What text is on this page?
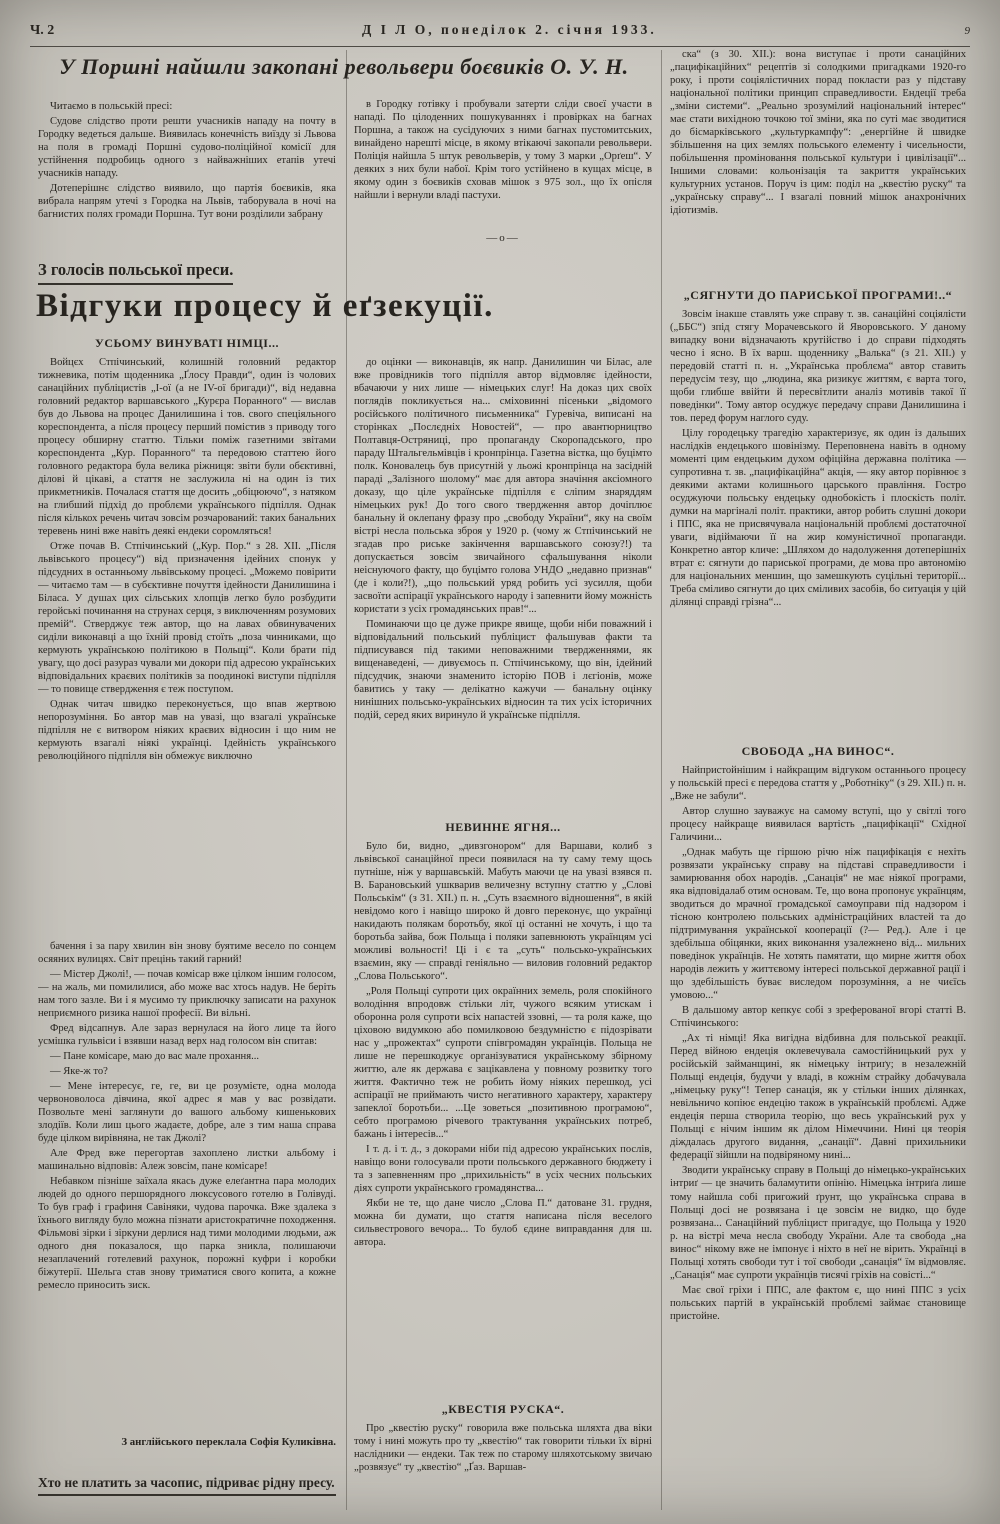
Ч. 2	Д І Л О, понеділок 2. січня 1933.	9
У Поршні найшли закопані револьвери боєвиків О. У. Н.

Читаємо в польській пресі:

Судове слідство проти решти учасників нападу на почту в Городку ведеться дальше. Виявилась конечність виїзду зі Львова на поля в громаді Поршні судово-поліційної комісії для устійнення подробиць одного з найважніших етапів утечі учасників нападу.

Дотеперішнє слідство виявило, що партія боєвиків, яка вибрала напрям утечі з Городка на Львів, таборувала в ночі на багнистих полях громади Поршна. Тут вони розділили забрану

в Городку готівку і пробували затерти сліди своєї участи в нападі. По цілоденних пошукуваннях і провірках на багнах Поршна, а також на сусідуючих з ними багнах пустомитських, винайдено нарешті місце, в якому втікаючі закопали револьвери. Поліція найшла 5 штук револьверів, у тому 3 марки „Орґеш“. У деяких з них були набої. Крім того устійнено в кущах місце, в якому один з боєвиків сховав мішок з 975 зол., що їх опісля найшли і вернули владі пастухи.

—о—
З голосів польської преси.
Відгуки процесу й еґзекуції.
УСЬОМУ ВИНУВАТІ НІМЦІ...

Войцєх Стпічинський, колишній головний редактор тижневика, потім щоденника „Ґлосу Правди“, один із чолових санаційних публіцистів „І-ої (а не IV-ої бригади)“, від недавна головний редактор варшавського „Курєра Поранного“ — вислав був до Львова на процес Данилишина і тов. свого спеціяльного кореспондента, а після процесу перший помістив з приводу того процесу обширну статтю. Тільки поміж газетними звітами кореспондента „Кур. Поранного“ та передовою статтею його головного редактора була велика ріжниця: звіти були обєктивні, ділові й цікаві, а стаття не заслужила ні на один із тих прикметників. Почалася стаття ще досить „обіцюючо“, з натяком на глибший підхід до проблєми українського підпілля. Однак після кількох речень читач зовсім розчарований: таких банальних теревень нині вже навіть деякі ендеки соромляться!

Отже почав В. Стпічинський („Кур. Пор.“ з 28. XII. „Після львівського процесу“) від призначення ідейних спонук у підсудних в останньому львівському процесі. „Можемо повірити — читаємо там — в субєктивне почуття ідейности Данилишина і Біласа. У душах цих сільських хлопців легко було розбудити геройські починання на струнах серця, з виключенням розумових премій“. Стверджує теж автор, що на лавах обвинувачених сиділи виконавці а що їхній провід стоїть „поза чинниками, що кермують українською політикою в Польщі“. Коли брати під увагу, що досі разураз чували ми докори під адресою українських відповідальних краєвих політиків за поодинокі виступи підпілля — то повище ствердження є теж поступом.

Однак читач швидко переконується, що впав жертвою непорозуміння. Бо автор мав на увазі, що взагалі українське підпілля не є витвором ніяких краєвих відносин і що ним не кермують взагалі ніякі українці. Ідейність українського революційного підпілля він обмежує виключно

бачення і за пару хвилин він знову буятиме весело по сонцем осяяних вулицях. Світ прецінь такий гарний!

— Містер Джолі!, — почав комісар вже цілком іншим голосом, — на жаль, ми помилилися, або може вас хтось надув. Не беріть нам того зазле. Ви і я мусимо ту приключку записати на рахунок неприємного ризика нашої професії. Ви вільні.

Фред відсапнув. Але зараз вернулася на його лице та його усмішка гульвіси і взявши назад верх над голосом він спитав:

— Пане комісаре, маю до вас мале прохання...

— Яке-ж то?

— Мене інтересує, ге, ге, ви це розумієте, одна молода червоноволоса дівчина, якої адрес я мав у вас розвідати. Позвольте мені заглянути до вашого альбому кишенькових злодіїв. Коли лиш цього жадаєте, добре, але з тим наша справа буде цілком вирівняна, не так Джолі?

Але Фред вже перегортав захоплено листки альбому і машинально відповів: Алеж зовсім, пане комісаре!

Небавком пізніше заїхала якась дуже елеґантна пара молодих людей до одного першорядного люксусового готелю в Голівуді. То був граф і графиня Савіняки, чудова парочка. Вже здалека з їхнього вигляду було можна пізнати аристократичне походження. Фільмові зірки і зіркуни дерлися над тими молодими людьми, аж одного дня показалося, що парка зникла, полишаючи незаплачений готелевий рахунок, порожні куфри і коробки біжутерії. Шельга став знову триматися свого копита, а кожне ремесло приносить зиск.

З англійського переклала Софія Куликівна.
Хто не платить за часопис, підриває рідну пресу.

до оцінки — виконавців, як напр. Данилишин чи Білас, але вже провідників того підпілля автор відмовляє ідейности, вбачаючи у них лише — німецьких слуг! На доказ цих своїх поглядів покликується на... сміховинні пісеньки „відомого російського політичного письменника“ Гуревіча, виписані на сторінках „Послєдніх Новостей“, — про авантюрництво Полтавця-Остряниці, про пропаганду Скоропадського, про параду Штальгельмівців і кронпрінца. Газетна вістка, що буцімто полк. Коновалець був присутній у льожі кронпрінца на засідній параді „Залізного шолому“ має для автора значіння аксіомного доказу, що ціле українське підпілля є сліпим знаряддям німецьких рук! До того свого твердження автор дочіплює банальну й оклепану фразу про „свободу України“, яку на своїм вістрі несла польська зброя у 1920 р. (чому ж Стпічинський не згадав про риське закінчення варшавського союзу?!) та допускається зовсім звичайного сфальшування ніколи неіснуючого факту, що буцімто голова УНДО „недавно признав“ (де і коли?!), „що польський уряд робить усі зусилля, щоби засвоїти аспірації українського народу і запевнити йому можність користати з усіх громадянських прав!“...

Поминаючи що це дуже прикре явище, щоби ніби поважний і відповідальний польський публіцист фальшував факти та підписувався під такими неповажними твердженнями, як вищенаведені, — дивуємось п. Стпічинському, що він, ідейний підсудчик, знаючи знаменито історію ПОВ і лєгіонів, може бавитись у таку — делікатно кажучи — банальну оцінку нинішних польсько-українських відносин та тих усіх історичних подій, серед яких виринуло й українське підпілля.

НЕВИННЕ ЯГНЯ...

Було би, видно, „дивзгонором“ для Варшави, колиб з львівської санаційної преси появилася на ту саму тему щось путніше, ніж у варшавській. Мабуть маючи це на увазі взявся п. В. Барановський ушкварив величезну вступну статтю у „Слові Польськім“ (з 31. XII.) п. н. „Суть взаємного відношення“, в якій невідомо кого і навіщо широко й довго переконує, що українці накидають полякам боротьбу, якої ці останні не хочуть, і що та боротьба зайва, бож Польща і поляки запевнюють українцям усі можливі вольності! Ці і є та „суть“ польсько-українських взаємин, яку — справді геніяльно — виловив головний редактор „Слова Польського“.

„Роля Польщі супроти цих окраїнних земель, роля спокійного володіння впродовж стільки літ, чужого всяким утискам і оборонна роля супроти всіх напастей ззовні, — та роля каже, що ціховою видумкою або помилковою бездумністю є підозрівати нас у „прожектах“ супроти співгромадян українців. Польща не лише не перешкоджує організуватися українському збірному життю, але як держава є зацікавлена у повному розвитку того життя. Фактично теж не робить йому ніяких перешкод, усі аспірації не приймають чисто негативного характеру, характеру запеклої боротьби... ...Це зоветься „позитивною програмою“, себто програмою річевого трактування українських потреб, бажань і інтересів...“

І т. д. і т. д., з докорами ніби під адресою українських послів, навіщо вони голосували проти польського державного бюджету і та з запевненням про „прихильність“ в усіх чесних польських діях супроти українського громадянства...

Якби не те, що дане число „Слова П.“ датоване 31. грудня, можна би думати, що стаття написана після веселого сильвестрового вечора... То булоб єдине виправдання для ш. автора.

„КВЕСТІЯ РУСКА“.

Про „квестію руску“ говорила вже польська шляхта два віки тому і нині можуть про ту „квестію“ так говорити тільки їх вірні наслідники — ендеки. Так теж по старому шляхотському звичаю „розвязує“ ту „квестію“ „Ґаз. Варшав-

ска“ (з 30. XII.): вона виступає і проти санаційних „пацифікаційних“ рецептів зі солодкими пригадками 1920-го року, і проти соціялістичних порад покласти раз у підставу національної політики принцип справедливости. Ендеції треба „зміни системи“. „Реально зрозумілий національний інтерес“ має стати вихідною точкою тої зміни, яка по суті має зводитися до бісмарківського „культуркампфу“: „енергійне й швидке збільшення на цих землях польського елементу і чисельности, побільшення проміновання польської культури і цивілізації“... Іншими словами: кольонізація та закриття українських культурних установ. Поруч із цим: поділ на „квестію руску“ та „українську справу“... І взагалі повний мішок анахронічних ідіотизмів.

„СЯГНУТИ ДО ПАРИСЬКОЇ ПРОГРАМИ!..“

Зовсім інакше ставлять уже справу т. зв. санаційні соціялісти („ББС“) зпід стягу Морачевського й Яворовського. У даному випадку вони відзначають крутійство і до справи підходять чесно і ясно. В їх варш. щоденнику „Валька“ (з 21. XII.) у передовій статті п. н. „Українська проблєма“ автор ставить передусім тезу, що „людина, яка ризикує життям, є варта того, щоби глибше ввійти й пересвітлити аналіз мотивів такої її поведінки“. Тому автор осуджує передачу справи Данилишина і тов. перед форум наглого суду.

Цілу городецьку трагедію характеризує, як один із дальших наслідків ендецького шовінізму. Переповнена навіть в одному моменті цим ендецьким духом офіційна державна політика — супротивна т. зв. „пацифікаційна“ акція, — яку автор порівнює з деякими актами колишнього царського правління. Гостро осуджуючи польську ендецьку однобокість і плоскість політ. думки на маргіналі політ. практики, автор робить слушні докори і ППС, яка не присвячувала національній проблємі достаточної уваги, відіймаючи її на жир комуністичної пропаганди. Конкретно автор кличе: „Шляхом до надолуження дотеперішніх втрат є: сягнути до париської програми, де мова про автономію для національних меншин, що замешкують суцільні території... Треба сміливо сягнути до цих сміливих засобів, бо ситуація у цій ділянці справді грізна“...

СВОБОДА „НА ВИНОС“.

Найпристойнішим і найкращим відгуком останнього процесу у польській пресі є передова стаття у „Роботніку“ (з 29. XII.) п. н. „Вже не забули“.

Автор слушно зауважує на самому вступі, що у світлі того процесу найкраще виявилася вартість „пацифікації“ Східної Галичини...

„Однак мабуть ще гіршою річю ніж пацифікація є нехіть розвязати українську справу на підставі справедливости і замирювання обох народів. „Санація“ не має ніякої програми, яка відповідалаб отим основам. Те, що вона пропонує українцям, зводиться до мрачної громадської самоуправи під надзором і тісною контролею польських адміністраційних властей та до підтримування української кооперації (?— Ред.). Але і це здебільша обіцянки, яких виконання узалежнено від... мильних поведінок українців. Не хотять памятати, що мирне життя обох народів лежить у життєвому інтересі польської державної рації і що здебільшість буває виследом порозуміння, а не чиєїсь умовою...“

В дальшому автор кепкує собі з зреферованої вгорі статті В. Стпічинського:

„Ах ті німці! Яка вигідна відбивна для польської реакції. Перед війною ендеція оклевечувала самостійницький рух у російській займанщині, як німецьку інтриґу; в незалежній Польщі ендеція, будучи у владі, в кожнім страйку добачувала „німецьку руку“! Тепер санація, як у стільки інших ділянках, невільничо копіює ендецію також в українській проблємі. Адже ендеція перша створила теорію, що весь український рух у Польщі є нічим іншим як ділом Німеччини. Нині ця теорія діждалась другого видання, „санації“. Давні прихильники федерації зійшли на подвіряному нині...

Зводити українську справу в Польщі до німецько-українських інтриґ — це значить баламутити опінію. Німецька інтриґа лише тому найшла собі пригожий ґрунт, що українська справа в Польщі досі не розвязана і це зовсім не видко, що буде розвязана... Санаційний публіцист пригадує, що Польща у 1920 р. на вістрі меча несла свободу України. Але та свобода „на винос“ нікому вже не імпонує і ніхто в неї не вірить. Українці в Польщі хотять свободи тут і тої свободи „санація“ їм відмовляє. „Санація“ має супроти українців тисячі гріхів на совісті...“

Має свої гріхи і ППС, але фактом є, що нині ППС з усіх польських партій в українській проблємі займає становище пристойне.
